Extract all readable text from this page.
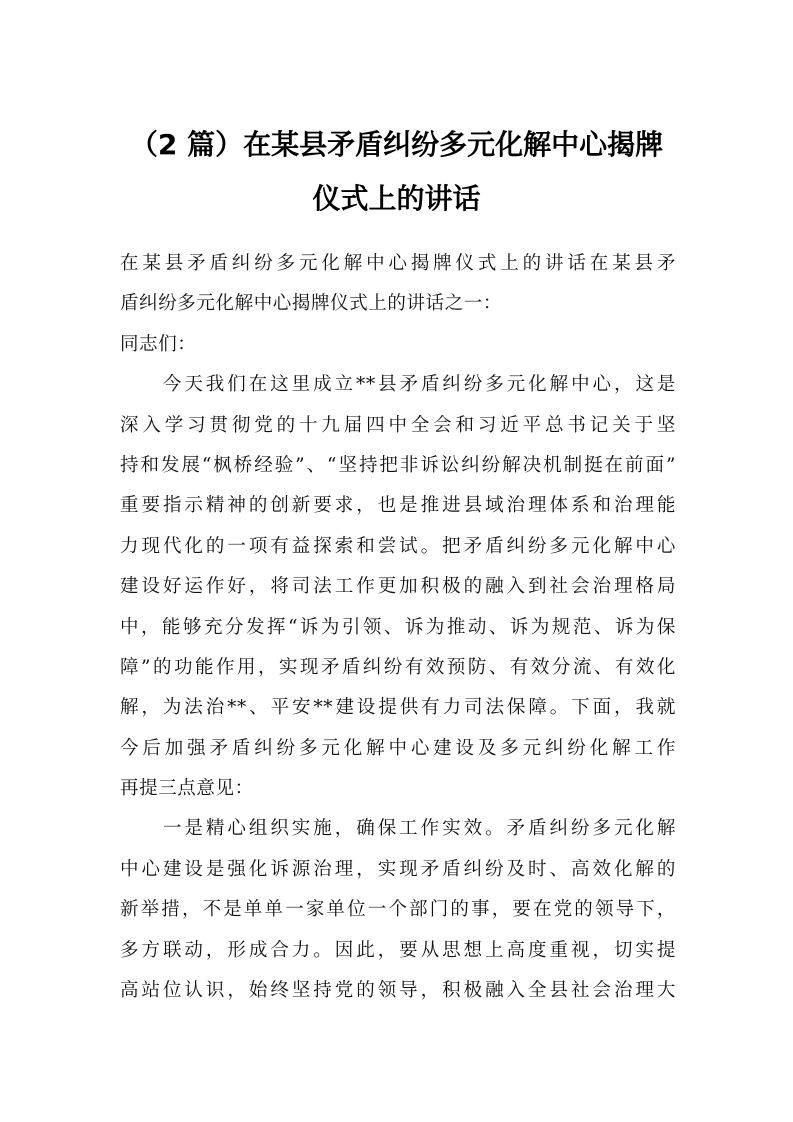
（2 篇）在某县矛盾纠纷多元化解中心揭牌
仪式上的讲话
在某县矛盾纠纷多元化解中心揭牌仪式上的讲话在某县矛
盾纠纷多元化解中心揭牌仪式上的讲话之一：
同志们：
　　今天我们在这里成立**县矛盾纠纷多元化解中心，这是
深入学习贯彻党的十九届四中全会和习近平总书记关于坚
持和发展“枫桥经验”、“坚持把非诉讼纠纷解决机制挺在前面”
重要指示精神的创新要求，也是推进县域治理体系和治理能
力现代化的一项有益探索和尝试。把矛盾纠纷多元化解中心
建设好运作好，将司法工作更加积极的融入到社会治理格局
中，能够充分发挥“诉为引领、诉为推动、诉为规范、诉为保
障”的功能作用，实现矛盾纠纷有效预防、有效分流、有效化
解，为法治**、平安**建设提供有力司法保障。下面，我就
今后加强矛盾纠纷多元化解中心建设及多元纠纷化解工作
再提三点意见：
　　一是精心组织实施，确保工作实效。矛盾纠纷多元化解
中心建设是强化诉源治理，实现矛盾纠纷及时、高效化解的
新举措，不是单单一家单位一个部门的事，要在党的领导下，
多方联动，形成合力。因此，要从思想上高度重视，切实提
高站位认识，始终坚持党的领导，积极融入全县社会治理大
